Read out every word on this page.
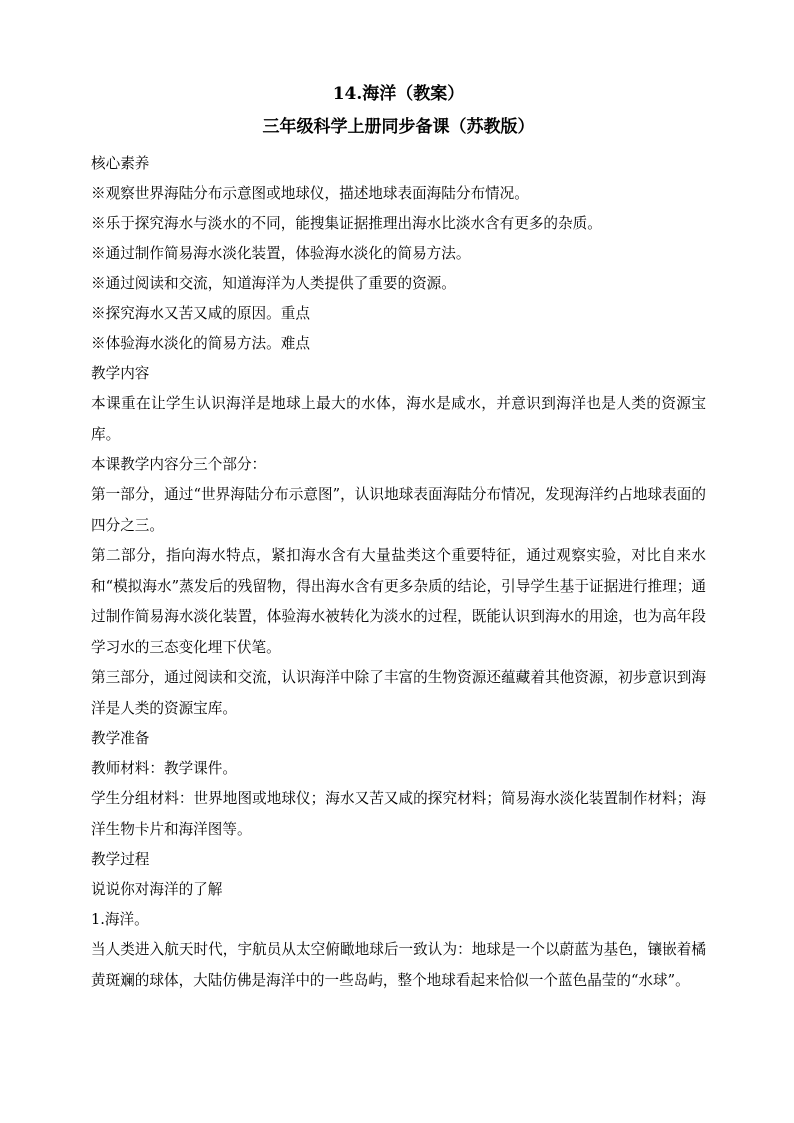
14.海洋（教案）
三年级科学上册同步备课（苏教版）
核心素养
※观察世界海陆分布示意图或地球仪，描述地球表面海陆分布情况。
※乐于探究海水与淡水的不同，能搜集证据推理出海水比淡水含有更多的杂质。
※通过制作简易海水淡化装置，体验海水淡化的简易方法。
※通过阅读和交流，知道海洋为人类提供了重要的资源。
※探究海水又苦又咸的原因。重点
※体验海水淡化的简易方法。难点
教学内容

本课重在让学生认识海洋是地球上最大的水体，海水是咸水，并意识到海洋也是人类的资源宝库。

本课教学内容分三个部分：

第一部分，通过“世界海陆分布示意图”，认识地球表面海陆分布情况，发现海洋约占地球表面的四分之三。

第二部分，指向海水特点，紧扣海水含有大量盐类这个重要特征，通过观察实验，对比自来水和“模拟海水”蒸发后的残留物，得出海水含有更多杂质的结论，引导学生基于证据进行推理；通过制作简易海水淡化装置，体验海水被转化为淡水的过程，既能认识到海水的用途，也为高年段学习水的三态变化埋下伏笔。

第三部分，通过阅读和交流，认识海洋中除了丰富的生物资源还蕴藏着其他资源，初步意识到海洋是人类的资源宝库。

教学准备
教师材料：教学课件。

学生分组材料：世界地图或地球仪；海水又苦又咸的探究材料；简易海水淡化装置制作材料；海洋生物卡片和海洋图等。

教学过程
说说你对海洋的了解
1.海洋。

当人类进入航天时代，宇航员从太空俯瞰地球后一致认为：地球是一个以蔚蓝为基色，镶嵌着橘黄斑斓的球体，大陆仿佛是海洋中的一些岛屿，整个地球看起来恰似一个蓝色晶莹的“水球”。
